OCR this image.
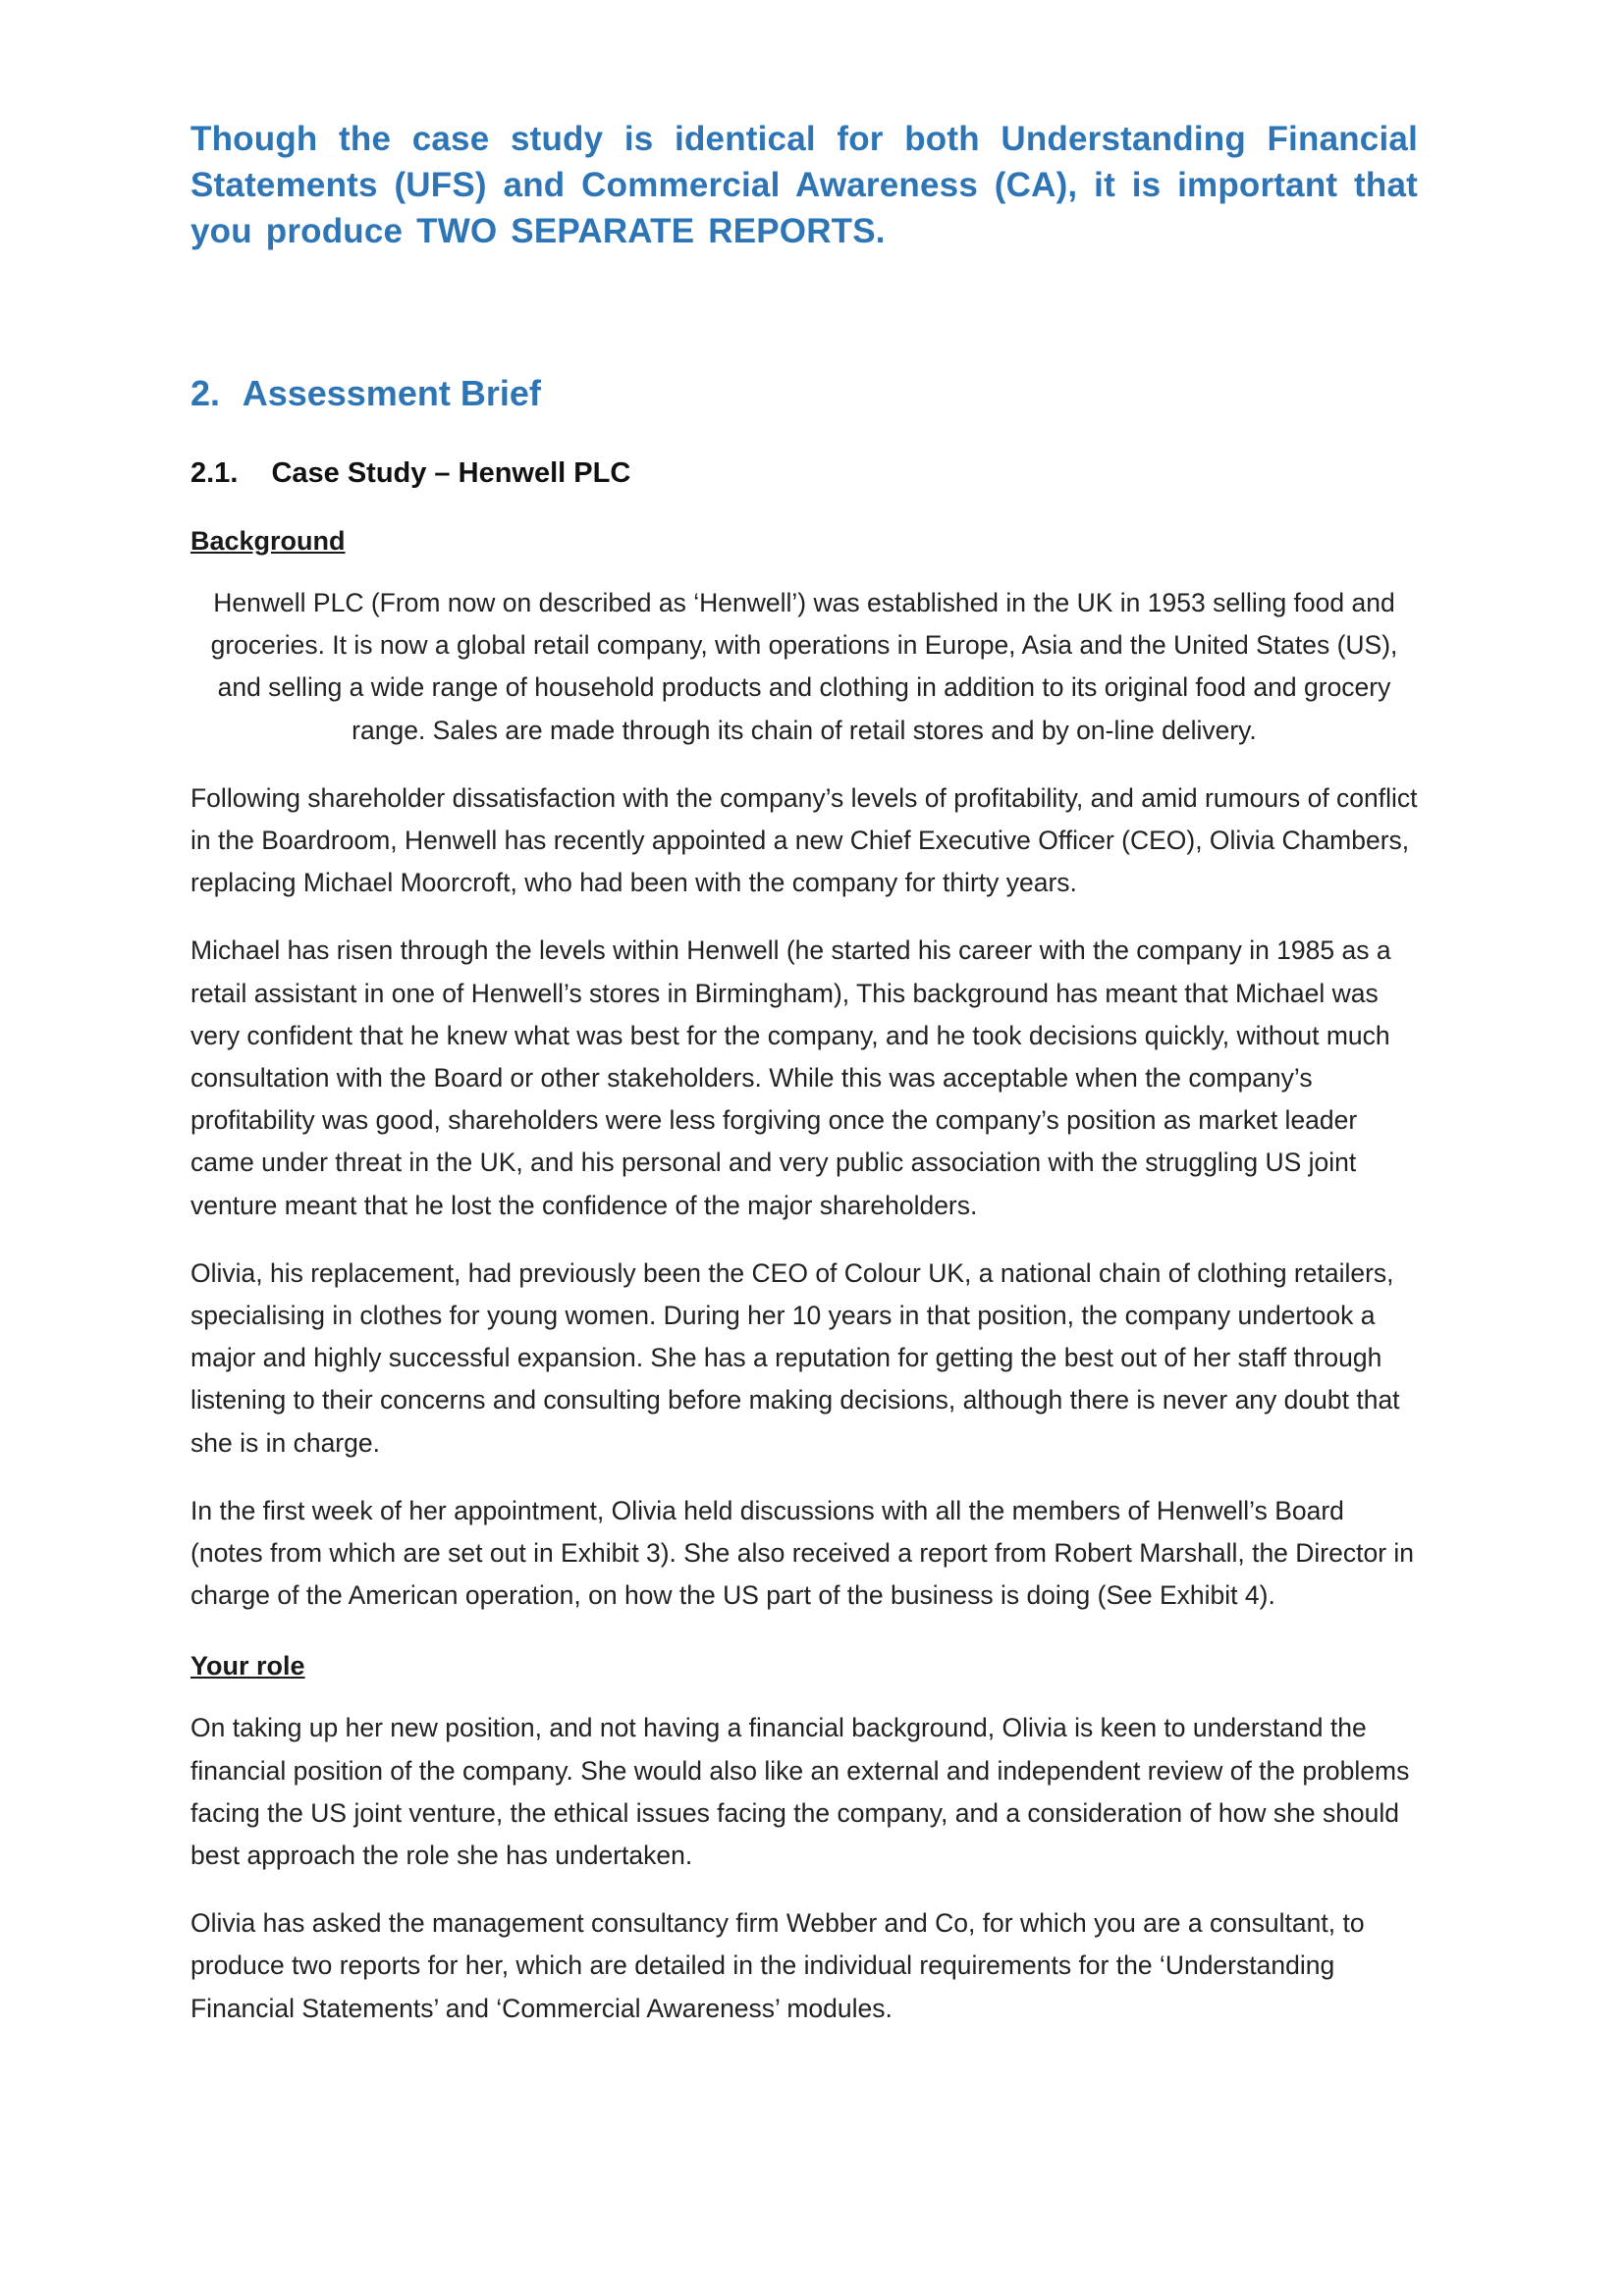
Though the case study is identical for both Understanding Financial Statements (UFS) and Commercial Awareness (CA), it is important that you produce TWO SEPARATE REPORTS.

2. Assessment Brief
2.1. Case Study – Henwell PLC
Background

Henwell PLC (From now on described as ‘Henwell’) was established in the UK in 1953 selling food and groceries. It is now a global retail company, with operations in Europe, Asia and the United States (US), and selling a wide range of household products and clothing in addition to its original food and grocery range. Sales are made through its chain of retail stores and by on-line delivery.

Following shareholder dissatisfaction with the company’s levels of profitability, and amid rumours of conflict in the Boardroom, Henwell has recently appointed a new Chief Executive Officer (CEO), Olivia Chambers, replacing Michael Moorcroft, who had been with the company for thirty years.

Michael has risen through the levels within Henwell (he started his career with the company in 1985 as a retail assistant in one of Henwell’s stores in Birmingham), This background has meant that Michael was very confident that he knew what was best for the company, and he took decisions quickly, without much consultation with the Board or other stakeholders. While this was acceptable when the company’s profitability was good, shareholders were less forgiving once the company’s position as market leader came under threat in the UK, and his personal and very public association with the struggling US joint venture meant that he lost the confidence of the major shareholders.

Olivia, his replacement, had previously been the CEO of Colour UK, a national chain of clothing retailers, specialising in clothes for young women. During her 10 years in that position, the company undertook a major and highly successful expansion. She has a reputation for getting the best out of her staff through listening to their concerns and consulting before making decisions, although there is never any doubt that she is in charge.

In the first week of her appointment, Olivia held discussions with all the members of Henwell’s Board (notes from which are set out in Exhibit 3). She also received a report from Robert Marshall, the Director in charge of the American operation, on how the US part of the business is doing (See Exhibit 4).

Your role

On taking up her new position, and not having a financial background, Olivia is keen to understand the financial position of the company. She would also like an external and independent review of the problems facing the US joint venture, the ethical issues facing the company, and a consideration of how she should best approach the role she has undertaken.

Olivia has asked the management consultancy firm Webber and Co, for which you are a consultant, to produce two reports for her, which are detailed in the individual requirements for the ‘Understanding Financial Statements’ and ‘Commercial Awareness’ modules.
